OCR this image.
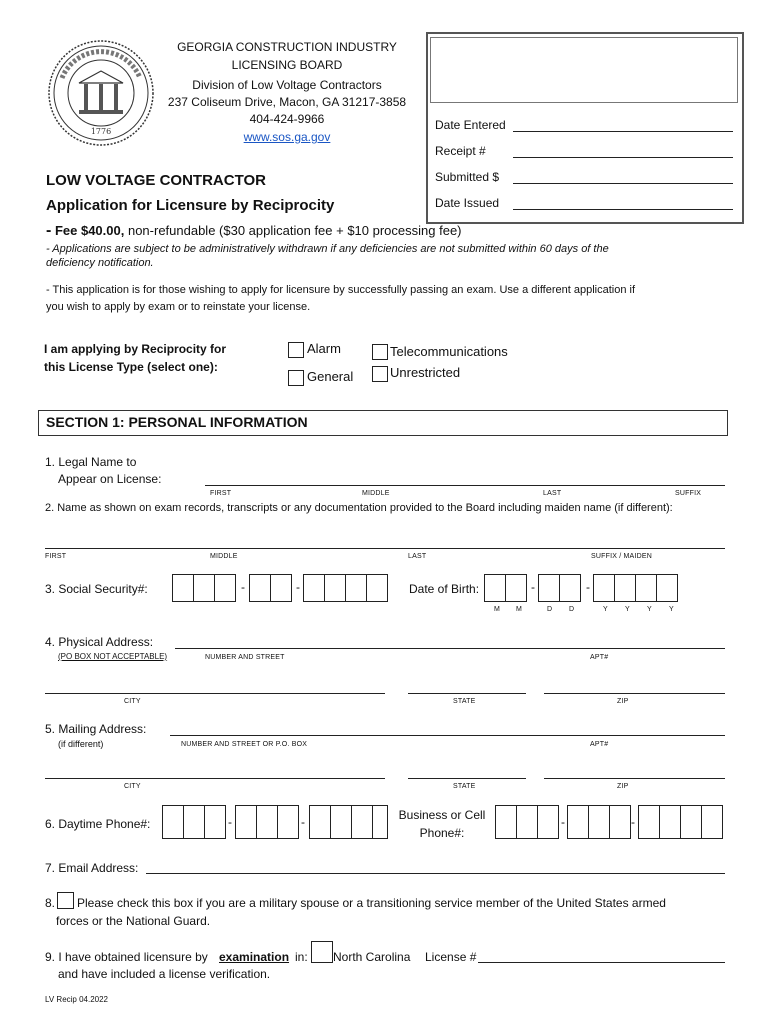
1776
GEORGIA CONSTRUCTION INDUSTRY
LICENSING BOARD
Division of Low Voltage Contractors
237 Coliseum Drive, Macon, GA 31217-3858
404-424-9966
www.sos.ga.gov
Date Entered
Receipt #
Submitted $
Date Issued
LOW VOLTAGE CONTRACTOR
Application for Licensure by Reciprocity
- Fee $40.00, non-refundable ($30 application fee + $10 processing fee)
- Applications are subject to be administratively withdrawn if any deficiencies are not submitted within 60 days of the
deficiency notification.
- This application is for those wishing to apply for licensure by successfully passing an exam. Use a different application if
you wish to apply by exam or to reinstate your license.
I am applying by Reciprocity for
this License Type (select one):
Alarm	Telecommunications
General	Unrestricted
SECTION 1: PERSONAL INFORMATION
1. Legal Name to
Appear on License:
FIRST	MIDDLE	LAST	SUFFIX
2. Name as shown on exam records, transcripts or any documentation provided to the Board including maiden name (if different):
FIRST	MIDDLE	LAST	SUFFIX / MAIDEN
3. Social Security#:	-	-	Date of Birth:	-	-
M M	D D	Y Y Y Y
4. Physical Address:
(PO BOX NOT ACCEPTABLE)	NUMBER AND STREET	APT#
CITY	STATE	ZIP
5. Mailing Address:
(if different)	NUMBER AND STREET OR P.O. BOX	APT#
CITY	STATE	ZIP
6. Daytime Phone#:	-	-	Business or Cell
Phone#:
-	-
7. Email Address:
8. Please check this box if you are a military spouse or a transitioning service member of the United States armed
forces or the National Guard.
9. I have obtained licensure by examination in: North Carolina License #
and have included a license verification.
LV Recip 04.2022
